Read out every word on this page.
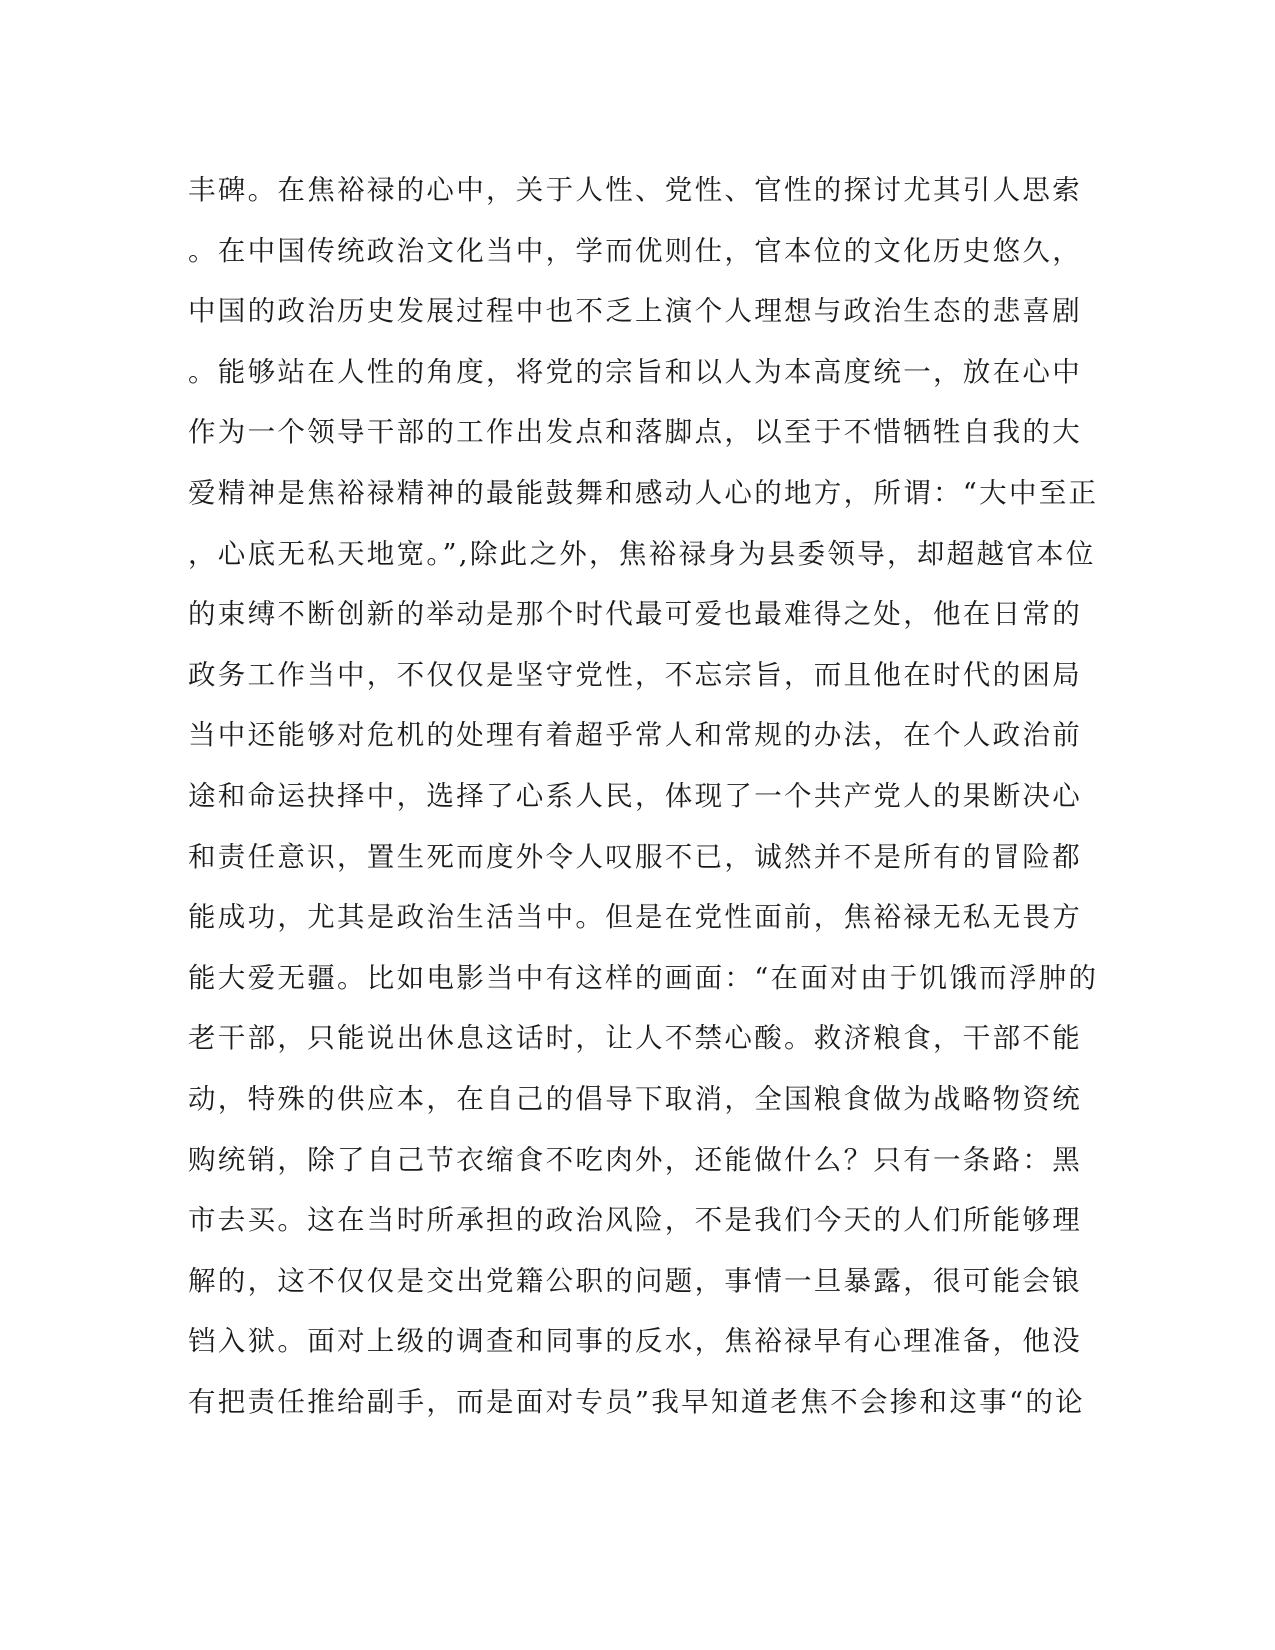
丰碑。在焦裕禄的心中，关于人性、党性、官性的探讨尤其引人思索
。在中国传统政治文化当中，学而优则仕，官本位的文化历史悠久，
中国的政治历史发展过程中也不乏上演个人理想与政治生态的悲喜剧
。能够站在人性的角度，将党的宗旨和以人为本高度统一，放在心中
作为一个领导干部的工作出发点和落脚点，以至于不惜牺牲自我的大
爱精神是焦裕禄精神的最能鼓舞和感动人心的地方，所谓：“大中至正
，心底无私天地宽。”,除此之外，焦裕禄身为县委领导，却超越官本位
的束缚不断创新的举动是那个时代最可爱也最难得之处，他在日常的
政务工作当中，不仅仅是坚守党性，不忘宗旨，而且他在时代的困局
当中还能够对危机的处理有着超乎常人和常规的办法，在个人政治前
途和命运抉择中，选择了心系人民，体现了一个共产党人的果断决心
和责任意识，置生死而度外令人叹服不已，诚然并不是所有的冒险都
能成功，尤其是政治生活当中。但是在党性面前，焦裕禄无私无畏方
能大爱无疆。比如电影当中有这样的画面：“在面对由于饥饿而浮肿的
老干部，只能说出休息这话时，让人不禁心酸。救济粮食，干部不能
动，特殊的供应本，在自己的倡导下取消，全国粮食做为战略物资统
购统销，除了自己节衣缩食不吃肉外，还能做什么？只有一条路：黑
市去买。这在当时所承担的政治风险，不是我们今天的人们所能够理
解的，这不仅仅是交出党籍公职的问题，事情一旦暴露，很可能会锒
铛入狱。面对上级的调查和同事的反水，焦裕禄早有心理准备，他没
有把责任推给副手，而是面对专员”我早知道老焦不会掺和这事“的论
